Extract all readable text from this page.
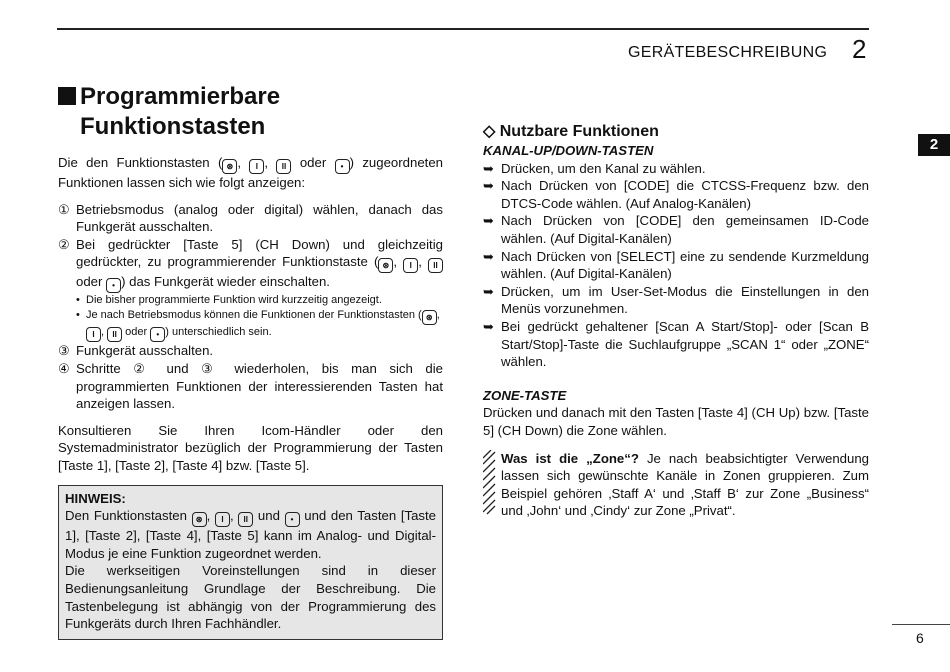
GERÄTEBESCHREIBUNG 2
2
6
Programmierbare
Funktionstasten

Die den Funktionstasten ( ⊛ , I , II oder • ) zugeordneten Funktionen lassen sich wie folgt anzeigen:

① Betriebsmodus (analog oder digital) wählen, danach das Funkgerät ausschalten.
② Bei gedrückter [Taste 5] (CH Down) und gleichzeitig gedrückter, zu programmierender Funktionstaste ( ⊛ , I , II oder • ) das Funkgerät wieder einschalten.
• Die bisher programmierte Funktion wird kurzzeitig angezeigt.
• Je nach Betriebsmodus können die Funktionen der Funktionstasten ( ⊛ , I , II oder • ) unterschiedlich sein.
③ Funkgerät ausschalten.
④ Schritte ② und ③ wiederholen, bis man sich die programmierten Funktionen der interessierenden Tasten hat anzeigen lassen.

Konsultieren Sie Ihren Icom-Händler oder den Systemadministrator bezüglich der Programmierung der Tasten [Taste 1], [Taste 2], [Taste 4] bzw. [Taste 5].

HINWEIS:

Den Funktionstasten ⊛ , I , II und • und den Tasten [Taste 1], [Taste 2], [Taste 4], [Taste 5] kann im Analog- und Digital-Modus je eine Funktion zugeordnet werden.

Die werkseitigen Voreinstellungen sind in dieser Bedienungsanleitung Grundlage der Beschreibung. Die Tastenbelegung ist abhängig von der Programmierung des Funkgeräts durch Ihren Fachhändler.

◇ Nutzbare Funktionen
KANAL-UP/DOWN-TASTEN
➥ Drücken, um den Kanal zu wählen.
➥ Nach Drücken von [CODE] die CTCSS-Frequenz bzw. den DTCS-Code wählen. (Auf Analog-Kanälen)
➥ Nach Drücken von [CODE] den gemeinsamen ID-Code wählen. (Auf Digital-Kanälen)
➥ Nach Drücken von [SELECT] eine zu sendende Kurzmeldung wählen. (Auf Digital-Kanälen)
➥ Drücken, um im User-Set-Modus die Einstellungen in den Menüs vorzunehmen.
➥ Bei gedrückt gehaltener [Scan A Start/Stop]- oder [Scan B Start/Stop]-Taste die Suchlaufgruppe „SCAN 1“ oder „ZONE“ wählen.
ZONE-TASTE

Drücken und danach mit den Tasten [Taste 4] (CH Up) bzw. [Taste 5] (CH Down) die Zone wählen.

Was ist die „Zone“? Je nach beabsichtigter Verwendung lassen sich gewünschte Kanäle in Zonen gruppieren. Zum Beispiel gehören ‚Staff A‘ und ‚Staff B‘ zur Zone „Business“ und ‚John‘ und ‚Cindy‘ zur Zone „Privat“.
